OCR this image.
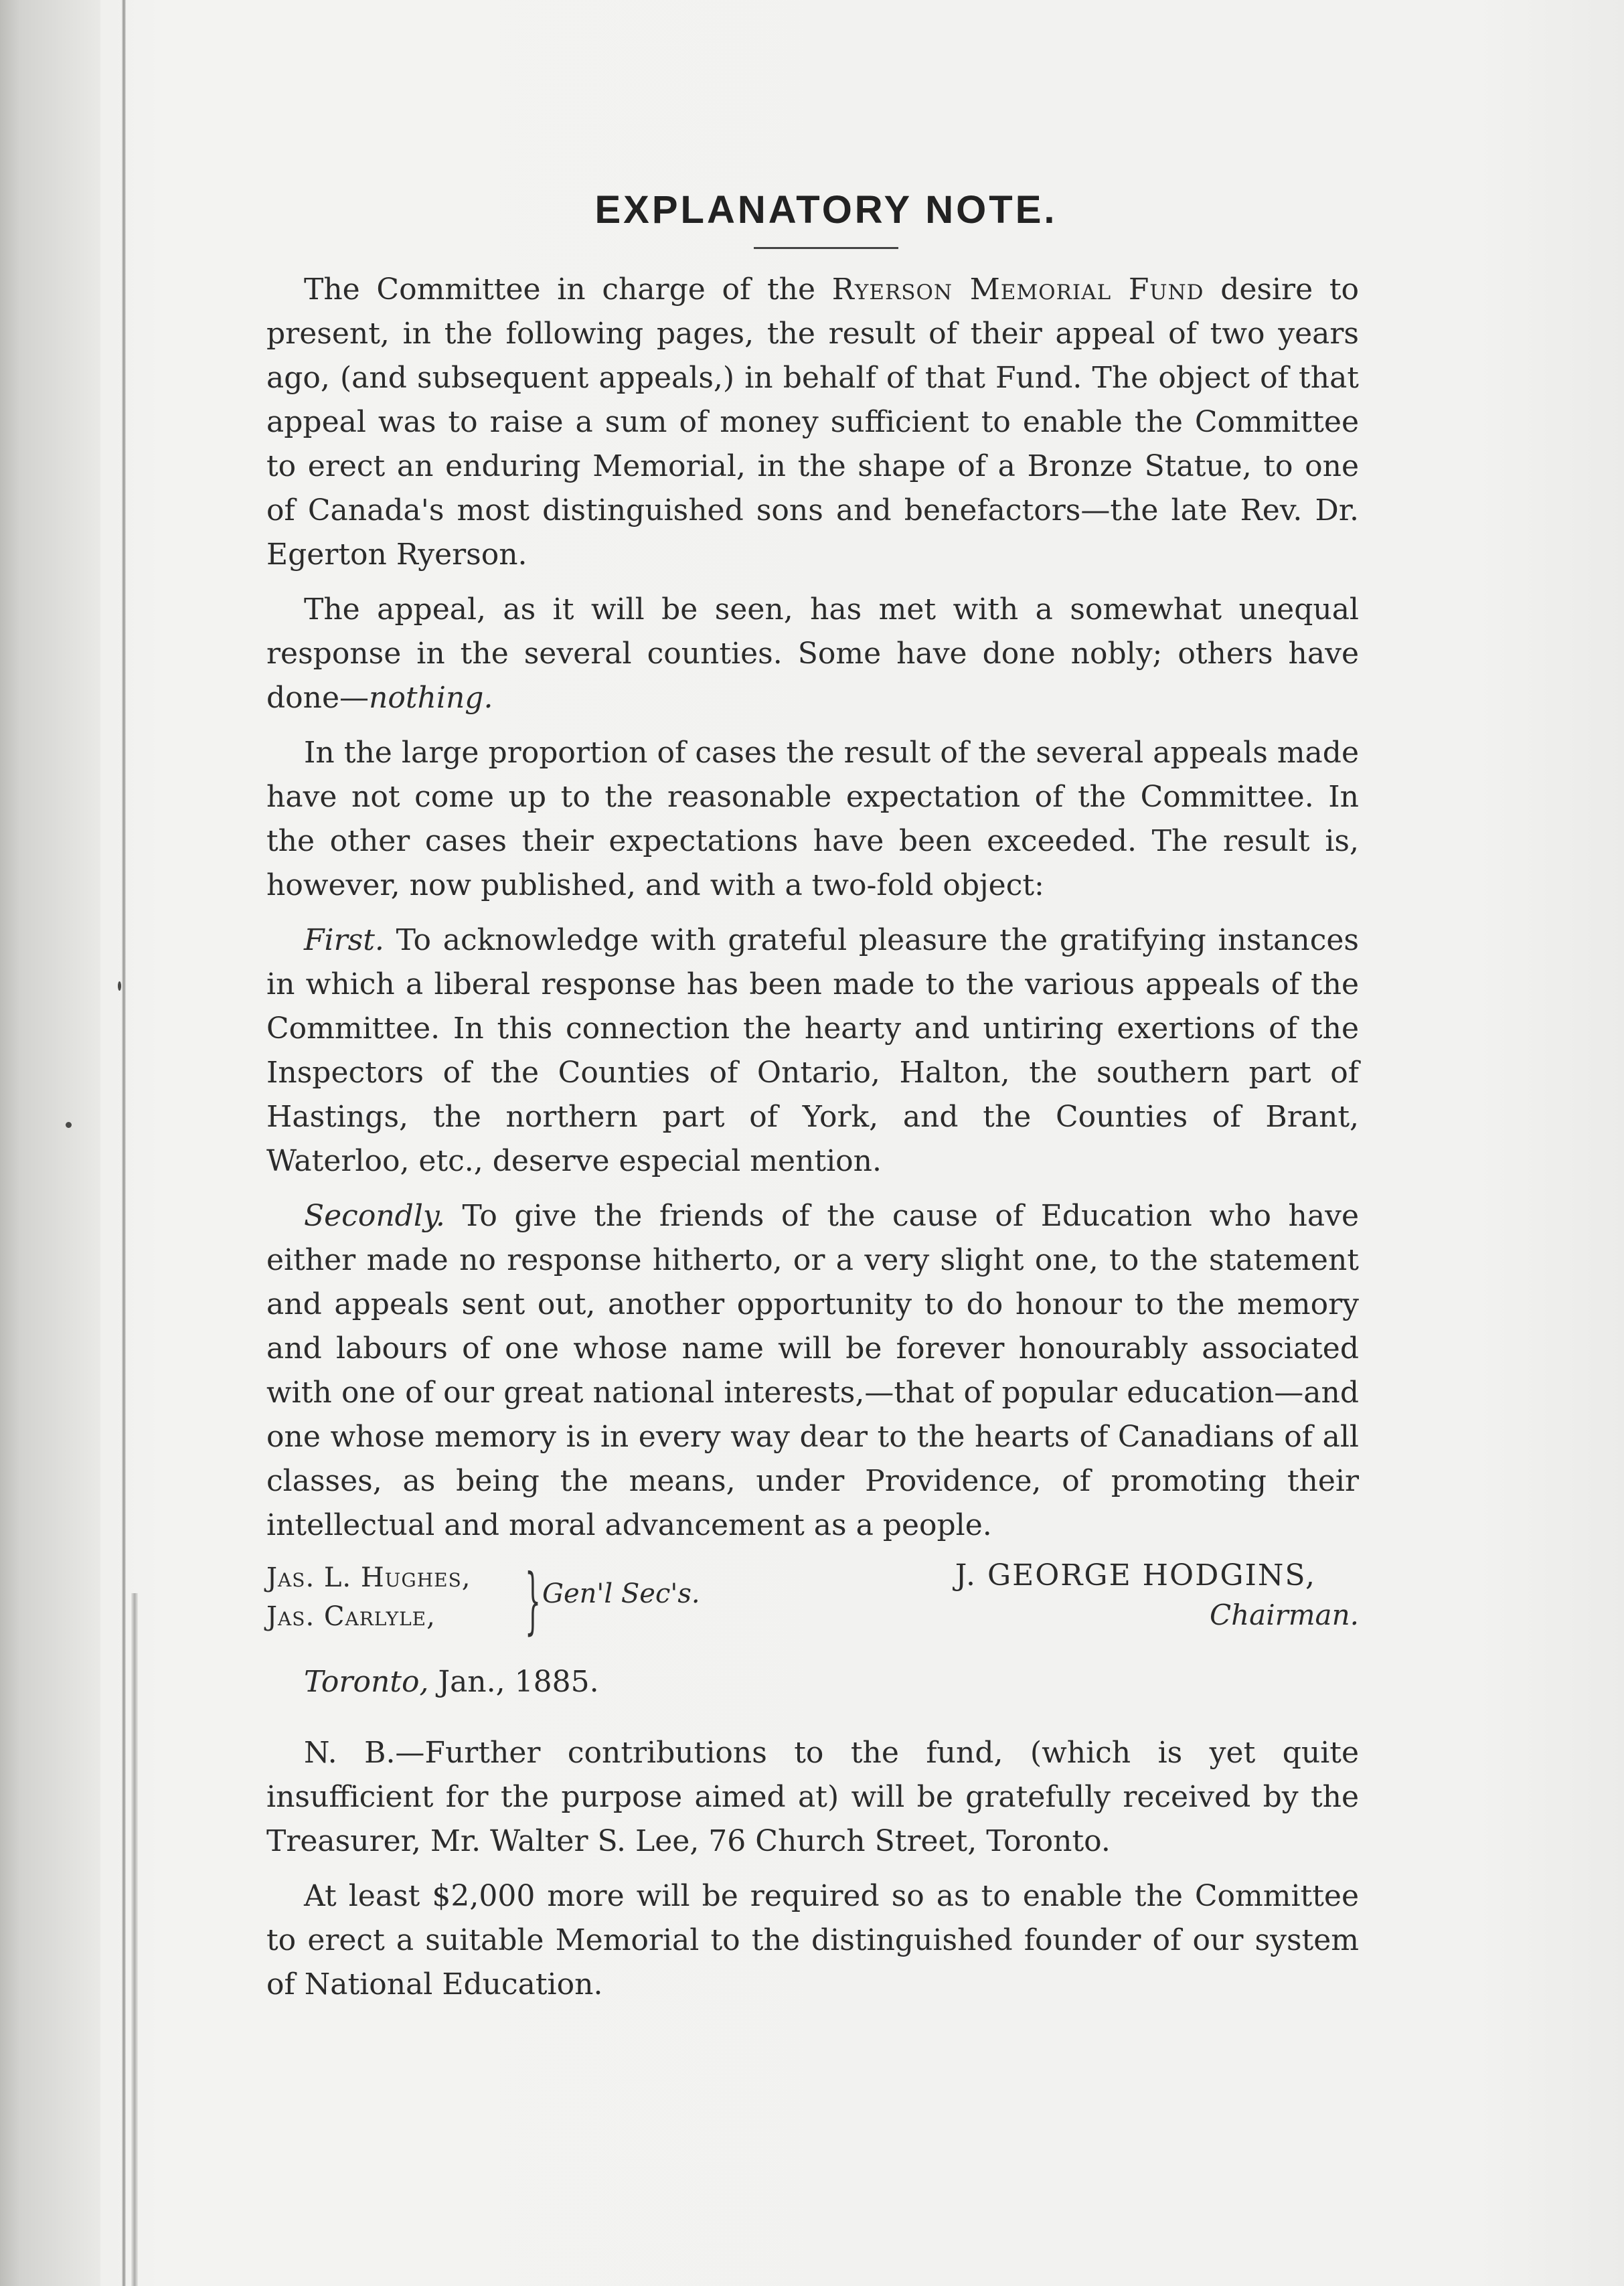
EXPLANATORY NOTE.

The Committee in charge of the Ryerson Memorial Fund desire to present, in the following pages, the result of their appeal of two years ago, (and subsequent appeals,) in behalf of that Fund. The object of that appeal was to raise a sum of money sufficient to enable the Committee to erect an enduring Memorial, in the shape of a Bronze Statue, to one of Canada's most distinguished sons and benefactors—the late Rev. Dr. Egerton Ryerson.

The appeal, as it will be seen, has met with a somewhat unequal response in the several counties. Some have done nobly; others have done—nothing.

In the large proportion of cases the result of the several appeals made have not come up to the reasonable expectation of the Committee. In the other cases their expectations have been exceeded. The result is, however, now published, and with a two-fold object:

First. To acknowledge with grateful pleasure the gratifying instances in which a liberal response has been made to the various appeals of the Committee. In this connection the hearty and untiring exertions of the Inspectors of the Counties of Ontario, Halton, the southern part of Hastings, the northern part of York, and the Counties of Brant, Waterloo, etc., deserve especial mention.

Secondly. To give the friends of the cause of Education who have either made no response hitherto, or a very slight one, to the statement and appeals sent out, another opportunity to do honour to the memory and labours of one whose name will be forever honourably associated with one of our great national interests,—that of popular education—and one whose memory is in every way dear to the hearts of Canadians of all classes, as being the means, under Providence, of promoting their intellectual and moral advancement as a people.

Jas. L. Hughes,
Jas. Carlyle,	} Gen'l Sec's.
J. GEORGE HODGINS,
Chairman.
Toronto, Jan., 1885.

N. B.—Further contributions to the fund, (which is yet quite insufficient for the purpose aimed at) will be gratefully received by the Treasurer, Mr. Walter S. Lee, 76 Church Street, Toronto.

At least $2,000 more will be required so as to enable the Committee to erect a suitable Memorial to the distinguished founder of our system of National Education.
